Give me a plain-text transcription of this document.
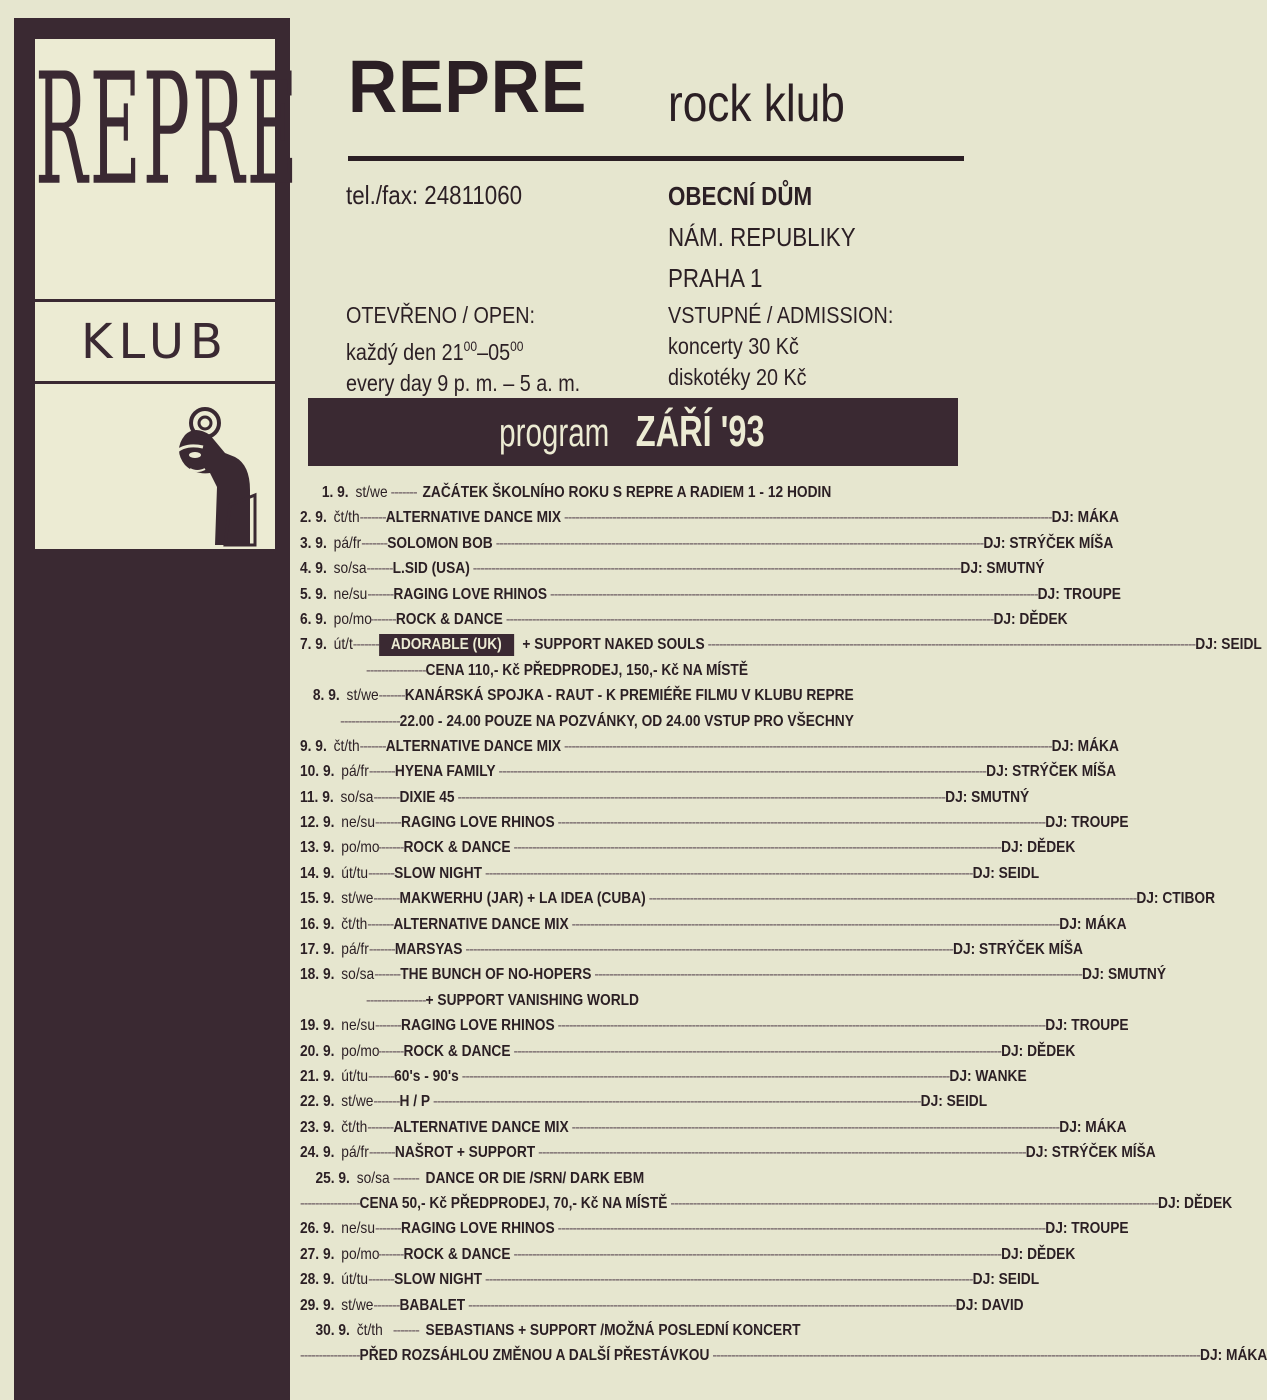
REPRE
KLUB
REPRE rock klub
tel./fax: 24811060	OBECNÍ DŮM
NÁM. REPUBLIKY
PRAHA 1
OTEVŘENO / OPEN:
každý den $21^{00}-05^{00}$
every day 9 p. m. – 5 a. m.
VSTUPNÉ / ADMISSION:
koncerty 30 Kč
diskotéky 20 Kč
program ZÁŘÍ '93
1. 9. st/we ------- ZAČÁTEK ŠKOLNÍHO ROKU S REPRE A RADIEM 1 - 12 HODIN
2. 9. čt/th ------- ALTERNATIVE DANCE MIX ----------------------------------------------------------------------------------------------------------------------------------- DJ: MÁKA
3. 9. pá/fr ------- SOLOMON BOB ----------------------------------------------------------------------------------------------------------------------------------- DJ: STRÝČEK MÍŠA
4. 9. so/sa ------- L.SID (USA) ----------------------------------------------------------------------------------------------------------------------------------- DJ: SMUTNÝ
5. 9. ne/su ------- RAGING LOVE RHINOS ----------------------------------------------------------------------------------------------------------------------------------- DJ: TROUPE
6. 9. po/mo
------- ROCK & DANCE ----------------------------------------------------------------------------------------------------------------------------------- DJ: DĚDEK
7. 9. út/t ------- ADORABLE (UK) + SUPPORT NAKED SOULS ----------------------------------------------------------------------------------------------------------------------------------- DJ: SEIDL
---------------- CENA 110,- Kč PŘEDPRODEJ, 150,- Kč NA MÍSTĚ
8. 9. st/we ------- KANÁRSKÁ SPOJKA - RAUT - K PREMIÉŘE FILMU V KLUBU REPRE
---------------- 22.00 - 24.00 POUZE NA POZVÁNKY, OD 24.00 VSTUP PRO VŠECHNY
9. 9. čt/th ------- ALTERNATIVE DANCE MIX ----------------------------------------------------------------------------------------------------------------------------------- DJ: MÁKA
10. 9. pá/fr ------- HYENA FAMILY ----------------------------------------------------------------------------------------------------------------------------------- DJ: STRÝČEK MÍŠA
11. 9. so/sa ------- DIXIE 45 ----------------------------------------------------------------------------------------------------------------------------------- DJ: SMUTNÝ
12. 9. ne/su ------- RAGING LOVE RHINOS ----------------------------------------------------------------------------------------------------------------------------------- DJ: TROUPE
13. 9. po/mo
------- ROCK & DANCE ----------------------------------------------------------------------------------------------------------------------------------- DJ: DĚDEK
14. 9. út/tu ------- SLOW NIGHT ----------------------------------------------------------------------------------------------------------------------------------- DJ: SEIDL
15. 9. st/we ------- MAKWERHU (JAR) + LA IDEA (CUBA) ----------------------------------------------------------------------------------------------------------------------------------- DJ: CTIBOR
16. 9. čt/th ------- ALTERNATIVE DANCE MIX ----------------------------------------------------------------------------------------------------------------------------------- DJ: MÁKA
17. 9. pá/fr ------- MARSYAS ----------------------------------------------------------------------------------------------------------------------------------- DJ: STRÝČEK MÍŠA
18. 9. so/sa ------- THE BUNCH OF NO-HOPERS ----------------------------------------------------------------------------------------------------------------------------------- DJ: SMUTNÝ
---------------- + SUPPORT VANISHING WORLD
19. 9. ne/su ------- RAGING LOVE RHINOS ----------------------------------------------------------------------------------------------------------------------------------- DJ: TROUPE
20. 9. po/mo
------- ROCK & DANCE ----------------------------------------------------------------------------------------------------------------------------------- DJ: DĚDEK
21. 9. út/tu ------- 60's - 90's ----------------------------------------------------------------------------------------------------------------------------------- DJ: WANKE
22. 9. st/we ------- H / P ----------------------------------------------------------------------------------------------------------------------------------- DJ: SEIDL
23. 9. čt/th ------- ALTERNATIVE DANCE MIX ----------------------------------------------------------------------------------------------------------------------------------- DJ: MÁKA
24. 9. pá/fr ------- NAŠROT + SUPPORT ----------------------------------------------------------------------------------------------------------------------------------- DJ: STRÝČEK MÍŠA
25. 9. so/sa ------- DANCE OR DIE /SRN/ DARK EBM
---------------- CENA 50,- Kč PŘEDPRODEJ, 70,- Kč NA MÍSTĚ ----------------------------------------------------------------------------------------------------------------------------------- DJ: DĚDEK
26. 9. ne/su ------- RAGING LOVE RHINOS ----------------------------------------------------------------------------------------------------------------------------------- DJ: TROUPE
27. 9. po/mo
------- ROCK & DANCE ----------------------------------------------------------------------------------------------------------------------------------- DJ: DĚDEK
28. 9. út/tu ------- SLOW NIGHT ----------------------------------------------------------------------------------------------------------------------------------- DJ: SEIDL
29. 9. st/we ------- BABALET ----------------------------------------------------------------------------------------------------------------------------------- DJ: DAVID
30. 9. čt/th ------- SEBASTIANS + SUPPORT /MOŽNÁ POSLEDNÍ KONCERT
---------------- PŘED ROZSÁHLOU ZMĚNOU A DALŠÍ PŘESTÁVKOU ----------------------------------------------------------------------------------------------------------------------------------- DJ: MÁKA
